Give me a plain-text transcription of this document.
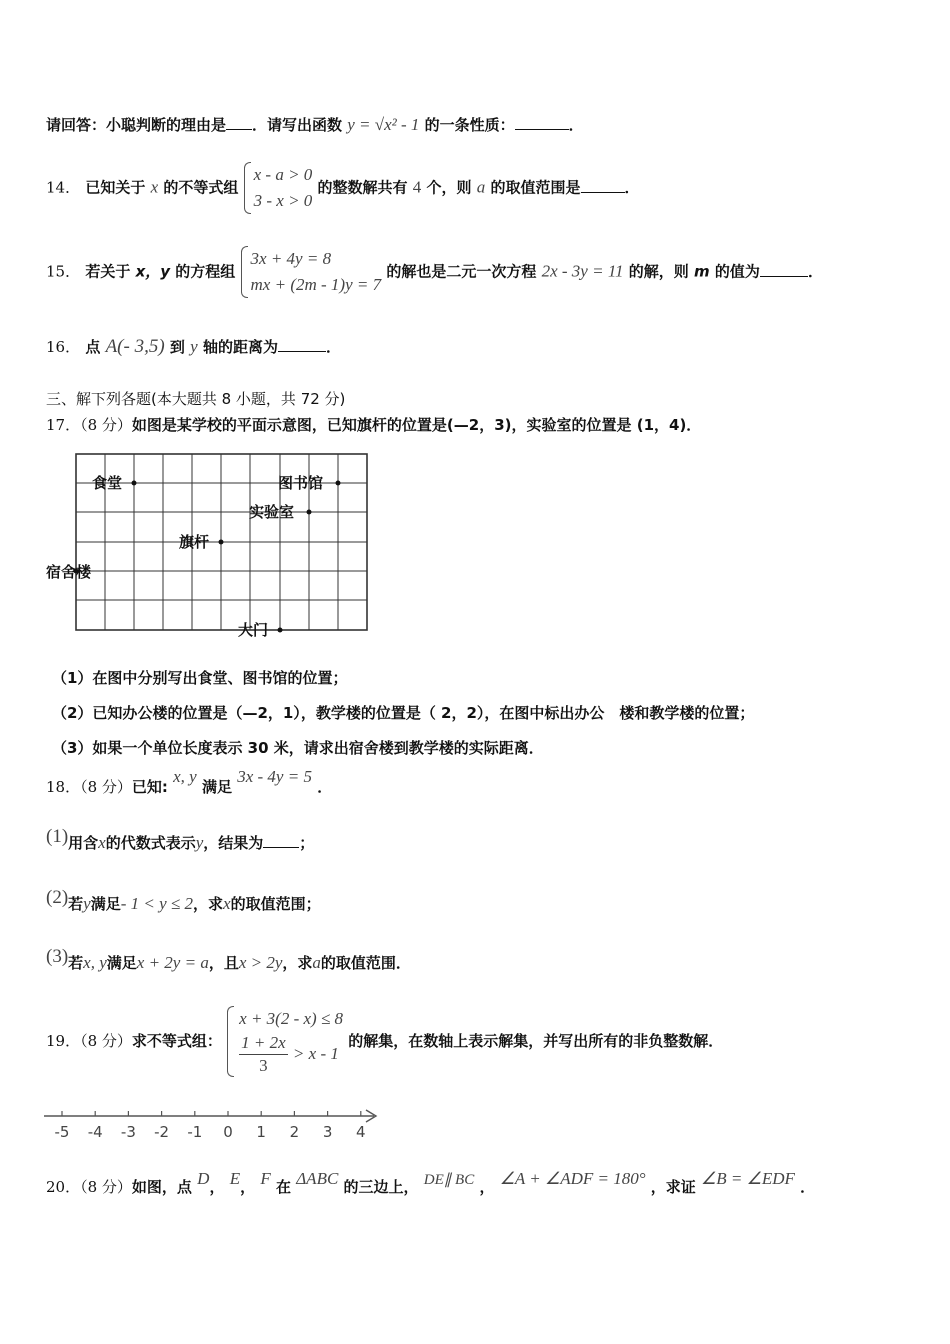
请回答：小聪判断的理由是 ．请写出函数 y = √x² - 1 的一条性质：	．
14． 已知关于 x 的不等式组
x - a > 0
3 - x > 0
的整数解共有 4 个，则 a 的取值范围是	．
15． 若关于 x，y 的方程组
3x + 4y = 8
mx + (2m - 1)y = 7
的解也是二元一次方程 2x - 3y = 11 的解，则 m 的值为	．
16． 点 A(- 3,5) 到 y 轴的距离为	．
三、解下列各题(本大题共 8 小题，共 72 分)
17．（8 分）如图是某学校的平面示意图，已知旗杆的位置是(—2，3)，实验室的位置是 (1，4)．
食堂	图书馆
实验室
旗杆
宿舍楼
大门
（1）在图中分别写出食堂、图书馆的位置；
（2）已知办公楼的位置是（—2，1），教学楼的位置是（ 2，2），在图中标出办公　楼和教学楼的位置；
（3）如果一个单位长度表示 30 米，请求出宿舍楼到教学楼的实际距离．
18．（8 分）已知: x, y 满足 3x - 4y = 5 ．
(1)用含x的代数式表示y，结果为 ；
(2)若y满足- 1 < y ≤ 2，求x的取值范围；
(3)若x, y满足x + 2y = a，且x > 2y，求a的取值范围．
19．（8 分）求不等式组：
x + 3(2 - x) ≤ 8
$\frac{1 + 2x}{3} > x - 1$
的解集，在数轴上表示解集，并写出所有的非负整数解．
-5 -4 -3 -2 -1 0 1 2 3 4
20．（8 分）如图，点 D， E， F 在 ΔABC 的三边上， DE∥ BC ， ∠A + ∠ADF = 180° ，求证 ∠B = ∠EDF ．
